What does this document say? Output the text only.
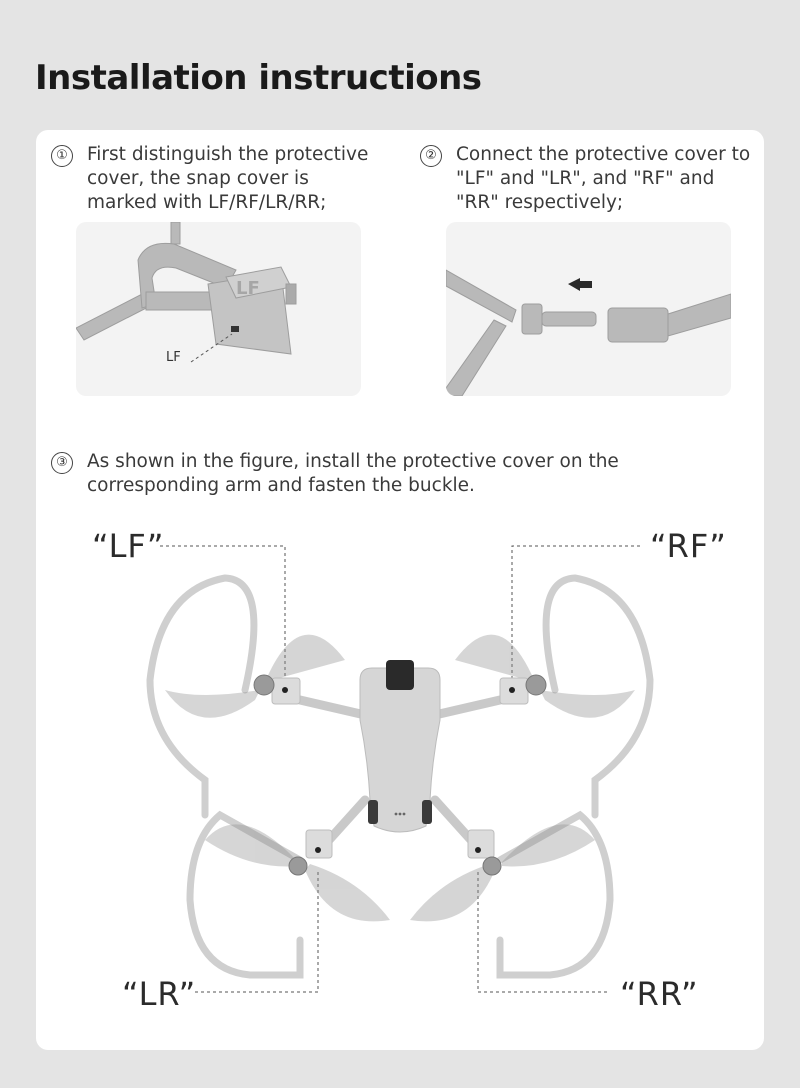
Installation instructions
① First distinguish the protective cover, the snap cover is marked with LF/RF/LR/RR;
② Connect the protective cover to "LF" and "LR", and "RF" and "RR" respectively;
LF
LF
③ As shown in the figure, install the protective cover on the corresponding arm and fasten the buckle.
“LF”	“RF”
“LR”	“RR”
